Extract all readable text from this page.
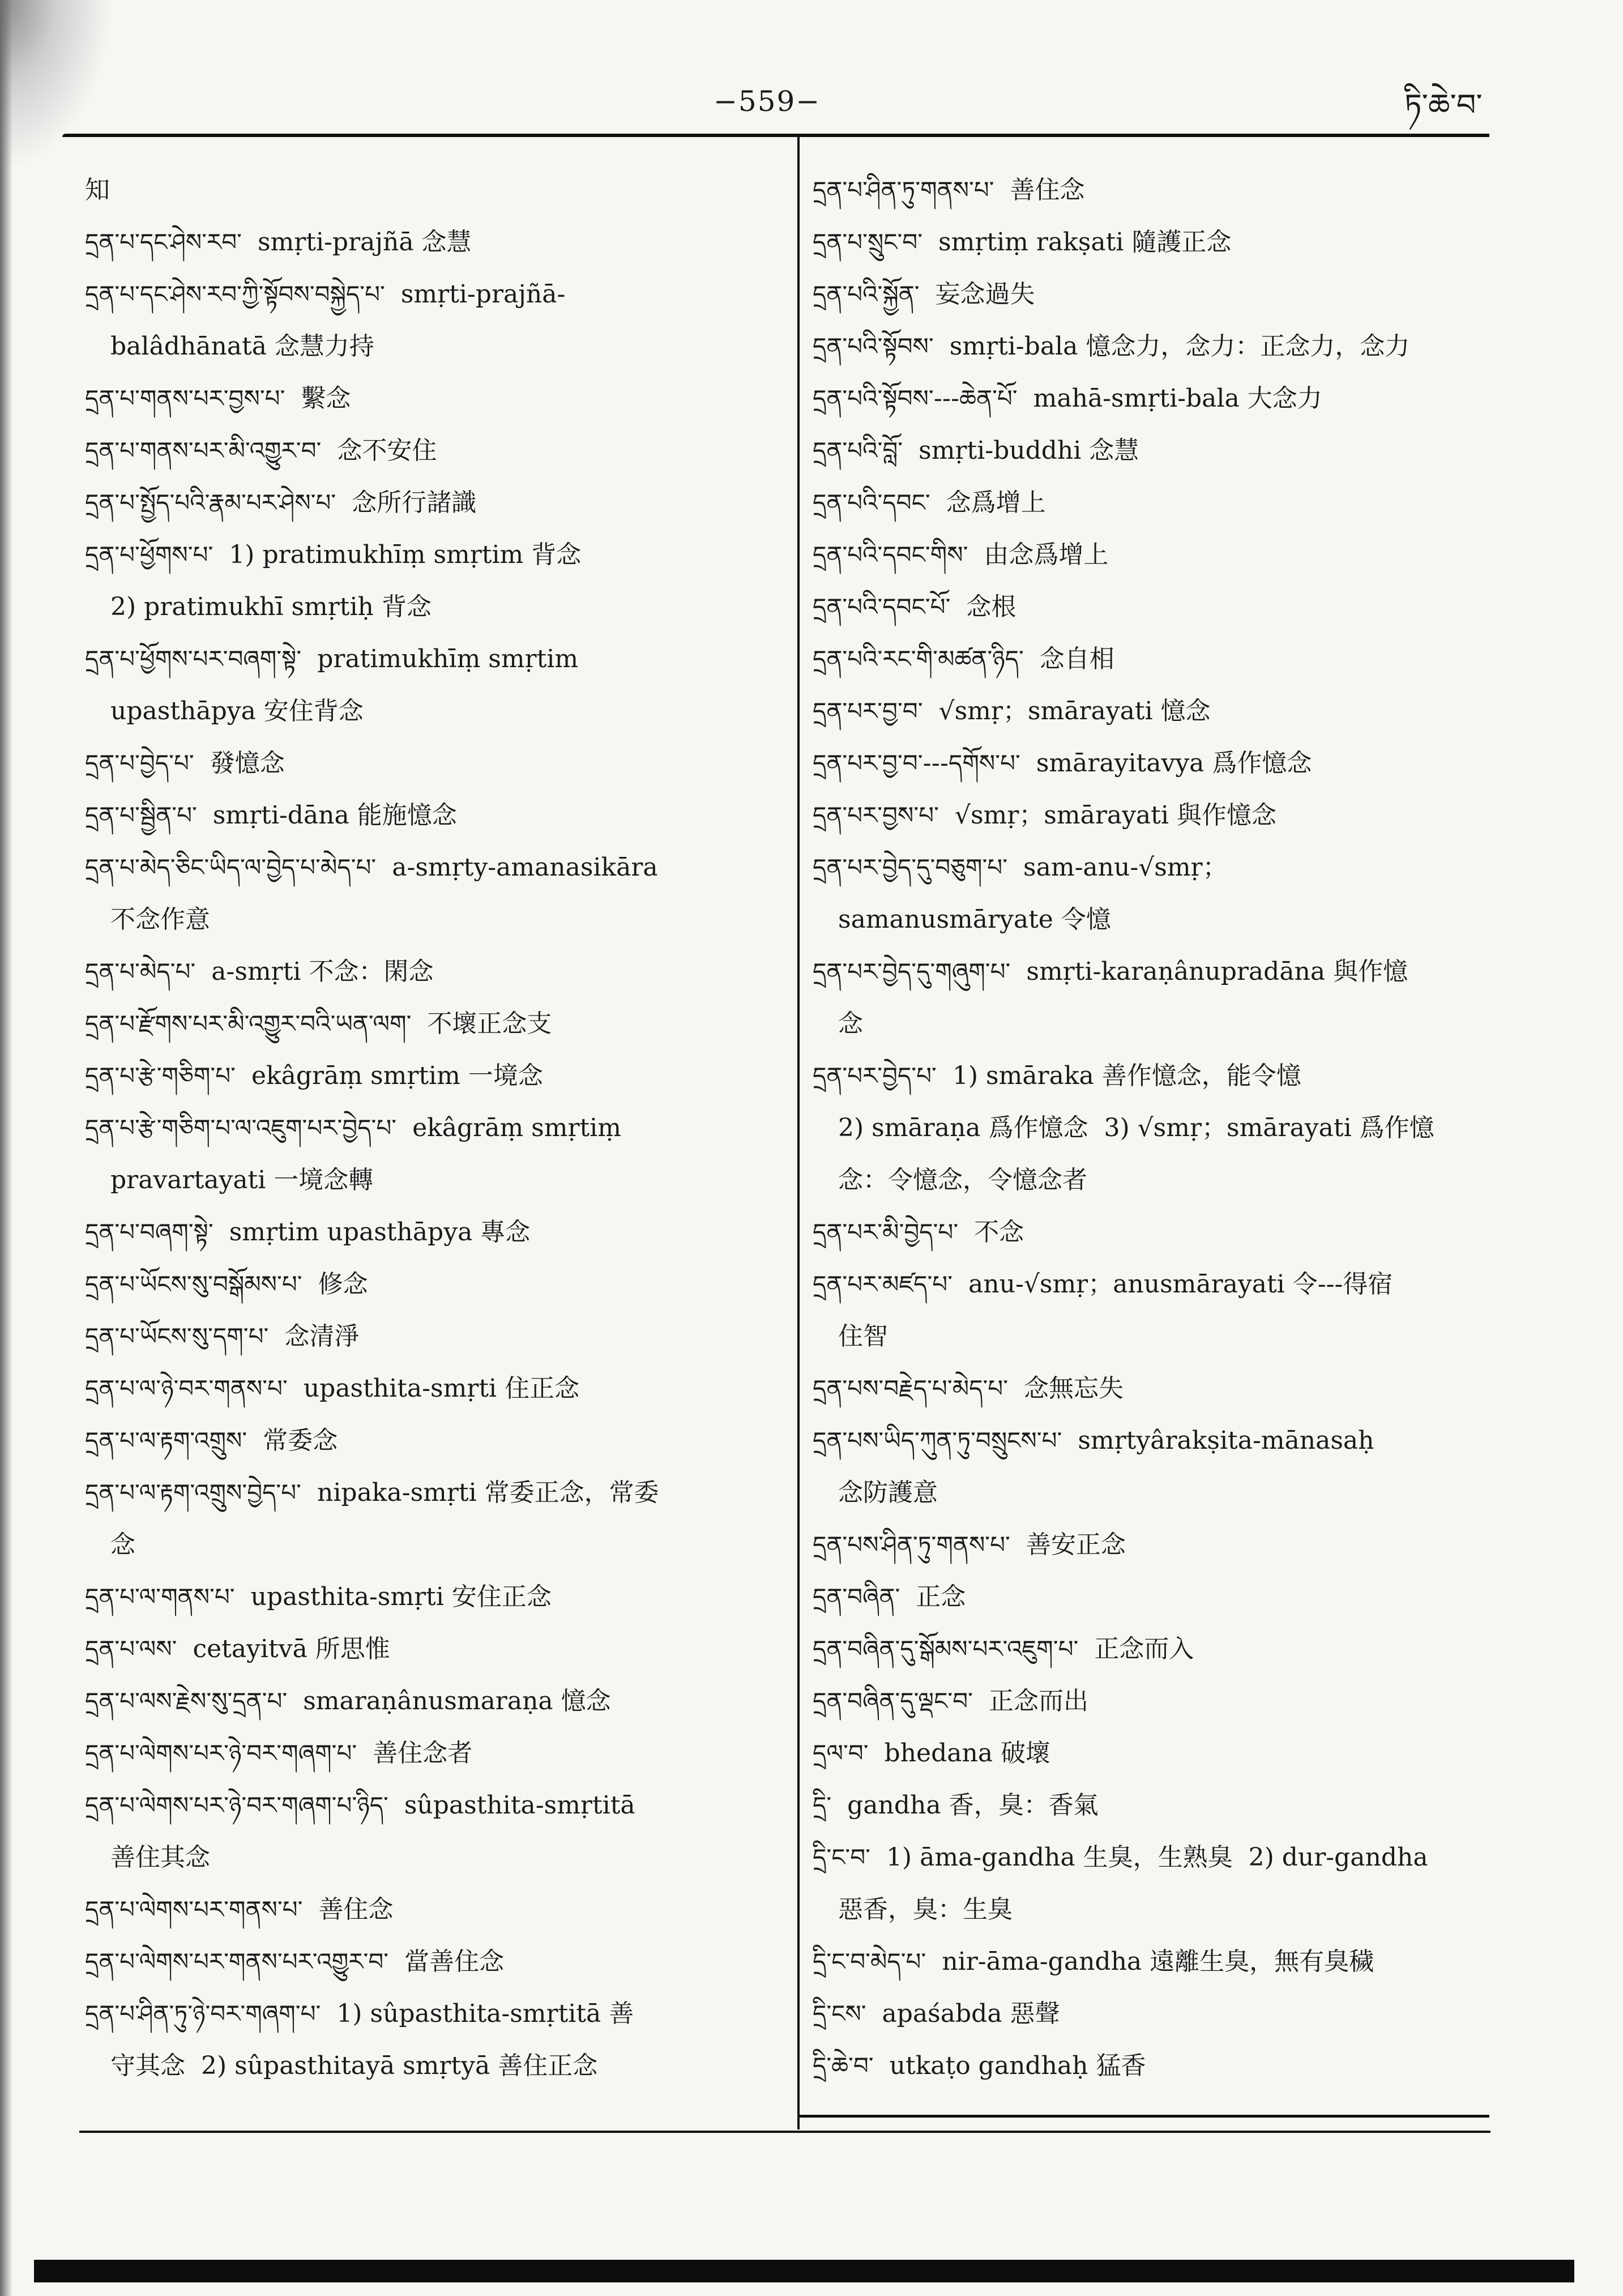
−559−	ཏི་ཆེ་བ་
知
དྲན་པ་དང་ཤེས་རབ་ smṛti-prajñā 念慧
དྲན་པ་དང་ཤེས་རབ་ཀྱི་སྟོབས་བསྐྱེད་པ་ smṛti-prajñā-
balâdhānatā 念慧力持
དྲན་པ་གནས་པར་བྱས་པ་ 繫念
དྲན་པ་གནས་པར་མི་འགྱུར་བ་ 念不安住
དྲན་པ་སྤྱོད་པའི་རྣམ་པར་ཤེས་པ་ 念所行諸識
དྲན་པ་ཕྱོགས་པ་ 1) pratimukhīṃ smṛtim 背念
2) pratimukhī smṛtiḥ 背念
དྲན་པ་ཕྱོགས་པར་བཞག་སྟེ་ pratimukhīṃ smṛtim
upasthāpya 安住背念
དྲན་པ་བྱེད་པ་ 發憶念
དྲན་པ་སྦྱིན་པ་ smṛti-dāna 能施憶念
དྲན་པ་མེད་ཅིང་ཡིད་ལ་བྱེད་པ་མེད་པ་ a-smṛty-amanasikāra
不念作意
དྲན་པ་མེད་པ་ a-smṛti 不念：閑念
དྲན་པ་རྫོགས་པར་མི་འགྱུར་བའི་ཡན་ལག་ 不壞正念支
དྲན་པ་རྩེ་གཅིག་པ་ ekâgrāṃ smṛtim 一境念
དྲན་པ་རྩེ་གཅིག་པ་ལ་འཇུག་པར་བྱེད་པ་ ekâgrāṃ smṛtiṃ
pravartayati 一境念轉
དྲན་པ་བཞག་སྟེ་ smṛtim upasthāpya 專念
དྲན་པ་ཡོངས་སུ་བསྒོམས་པ་ 修念
དྲན་པ་ཡོངས་སུ་དག་པ་ 念清淨
དྲན་པ་ལ་ཉེ་བར་གནས་པ་ upasthita-smṛti 住正念
དྲན་པ་ལ་རྟག་འགྲུས་ 常委念
དྲན་པ་ལ་རྟག་འགྲུས་བྱེད་པ་ nipaka-smṛti 常委正念，常委
念
དྲན་པ་ལ་གནས་པ་ upasthita-smṛti 安住正念
དྲན་པ་ལས་ cetayitvā 所思惟
དྲན་པ་ལས་རྗེས་སུ་དྲན་པ་ smaraṇânusmaraṇa 憶念
དྲན་པ་ལེགས་པར་ཉེ་བར་གཞག་པ་ 善住念者
དྲན་པ་ལེགས་པར་ཉེ་བར་གཞག་པ་ཉིད་ sûpasthita-smṛtitā
善住其念
དྲན་པ་ལེགས་པར་གནས་པ་ 善住念
དྲན་པ་ལེགས་པར་གནས་པར་འགྱུར་བ་ 當善住念
དྲན་པ་ཤིན་ཏུ་ཉེ་བར་གཞག་པ་ 1) sûpasthita-smṛtitā 善
守其念  2) sûpasthitayā smṛtyā 善住正念
དྲན་པ་ཤིན་ཏུ་གནས་པ་ 善住念
དྲན་པ་སྲུང་བ་ smṛtiṃ rakṣati 隨護正念
དྲན་པའི་སྐྱོན་ 妄念過失
དྲན་པའི་སྟོབས་ smṛti-bala 憶念力，念力：正念力，念力
དྲན་པའི་སྟོབས་---ཆེན་པོ་ mahā-smṛti-bala 大念力
དྲན་པའི་བློ་ smṛti-buddhi 念慧
དྲན་པའི་དབང་ 念爲增上
དྲན་པའི་དབང་གིས་ 由念爲增上
དྲན་པའི་དབང་པོ་ 念根
དྲན་པའི་རང་གི་མཚན་ཉིད་ 念自相
དྲན་པར་བྱ་བ་ √smṛ；smārayati 憶念
དྲན་པར་བྱ་བ་---དགོས་པ་ smārayitavya 爲作憶念
དྲན་པར་བྱས་པ་ √smṛ；smārayati 與作憶念
དྲན་པར་བྱེད་དུ་བཅུག་པ་ sam-anu-√smṛ；
samanusmāryate 令憶
དྲན་པར་བྱེད་དུ་གཞུག་པ་ smṛti-karaṇânupradāna 與作憶
念
དྲན་པར་བྱེད་པ་ 1) smāraka 善作憶念，能令憶
2) smāraṇa 爲作憶念  3) √smṛ；smārayati 爲作憶
念：令憶念，令憶念者
དྲན་པར་མི་བྱེད་པ་ 不念
དྲན་པར་མཛད་པ་ anu-√smṛ；anusmārayati 令---得宿
住智
དྲན་པས་བརྗེད་པ་མེད་པ་ 念無忘失
དྲན་པས་ཡིད་ཀུན་ཏུ་བསྲུངས་པ་ smṛtyârakṣita-mānasaḥ
念防護意
དྲན་པས་ཤིན་ཏུ་གནས་པ་ 善安正念
དྲན་བཞིན་ 正念
དྲན་བཞིན་དུ་སྒོམས་པར་འཇུག་པ་ 正念而入
དྲན་བཞིན་དུ་ལྡང་བ་ 正念而出
དྲལ་བ་ bhedana 破壞
དྲི་ gandha 香，臭：香氣
དྲི་ང་བ་ 1) āma-gandha 生臭，生熟臭  2) dur-gandha
惡香，臭：生臭
དྲི་ང་བ་མེད་པ་ nir-āma-gandha 遠離生臭，無有臭穢
དྲི་ངས་ apaśabda 惡聲
དྲི་ཆེ་བ་ utkaṭo gandhaḥ 猛香
